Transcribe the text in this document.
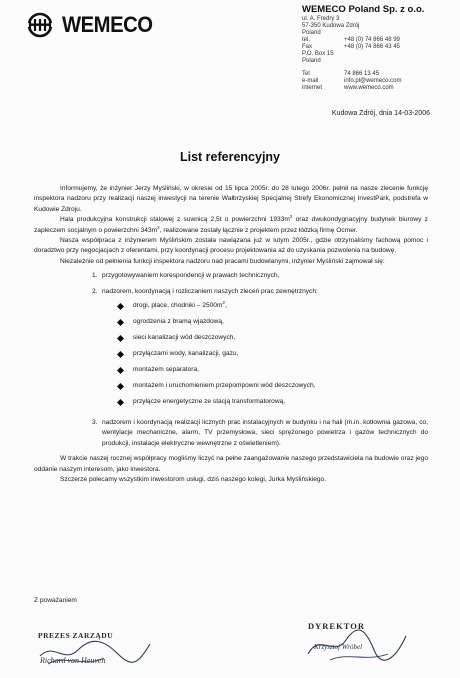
WEMECO
WEMECO Poland Sp. z o.o.
ul. A. Fredry 3
57-350 Kudowa Zdrój
Poland
tel.	+48 (0) 74 866 48 99
Fax	+48 (0) 74 866 43 45
P.O. Box 15
Poland
Tel	74 866 13 45
e-mail	info.pl@wemeco.com
internet	www.wemeco.com
Kudowa Zdrój, dnia 14-03-2006
List referencyjny

Informujemy, że inżynier Jerzy Myśliński, w okresie od 15 lipca 2005r. do 28 lutego 2006r. pełnił na nasze zlecenie funkcję inspektora nadzoru przy realizacji naszej inwestycji na terenie Wałbrzyskiej Specjalnej Strefy Ekonomicznej InvestPark, podstrefa w Kudowie Zdroju.

Hala produkcyjna konstrukcji stalowej z suwnicą 2,5t o powierzchni $1933m^2$ oraz dwukondygnacyjny budynek biurowy z zapleczem socjalnym o powierzchni $343m^2$, realizowane zostały łącznie z projektem przez łódzką firmę Ocmer.

Nasza współpraca z inżynierem Myślińskim została nawiązana już w lutym 2005r., gdzie otrzymaliśmy fachową pomoc i doradztwo przy negocjacjach z oferentami, przy koordynacji procesu projektowania aż do uzyskania pozwolenia na budowę.

Niezależnie od pełnienia funkcji inspektora nadzoru nad pracami budowlanymi, inżynier Myśliński zajmował się:

1. przygotowywaniem korespondencji w prawach technicznych,
2. nadzorem, koordynacją i rozliczaniem naszych zleceń prac zewnętrznych:
drogi, place, chodniki – $2500m^2$,
ogrodzenia z bramą wjazdową,
sieci kanalizacji wód deszczowych,
przyłączami wody, kanalizacji, gazu,
montażem separatora,
montażem i uruchomieniem przepompowni wód deszczowych,
przyłącze energetyczne ze stacją transformatorową,
3. nadzorem i koordynacją realizacji licznych prac instalacyjnych w budynku i na hali (m.in. kotłownia gazowa, co, wentylacje mechaniczne, alarm, TV przemysłowa, sieci sprężonego powietrza i gazów technicznych do produkcji, instalacje elektryczne wewnętrzne z oświetleniem).

W trakcie naszej rocznej współpracy mogliśmy liczyć na pełne zaangażowanie naszego przedstawiciela na budowie oraz jego oddanie naszym interesom, jako inwestora.

Szczerze polecamy wszystkim inwestorom usługi, dziś naszego kolegi, Jurka Myślińskiego.

Z poważaniem
PREZES ZARZĄDU
Richard van Heuven
DYREKTOR
Krzysztof Wróbel
